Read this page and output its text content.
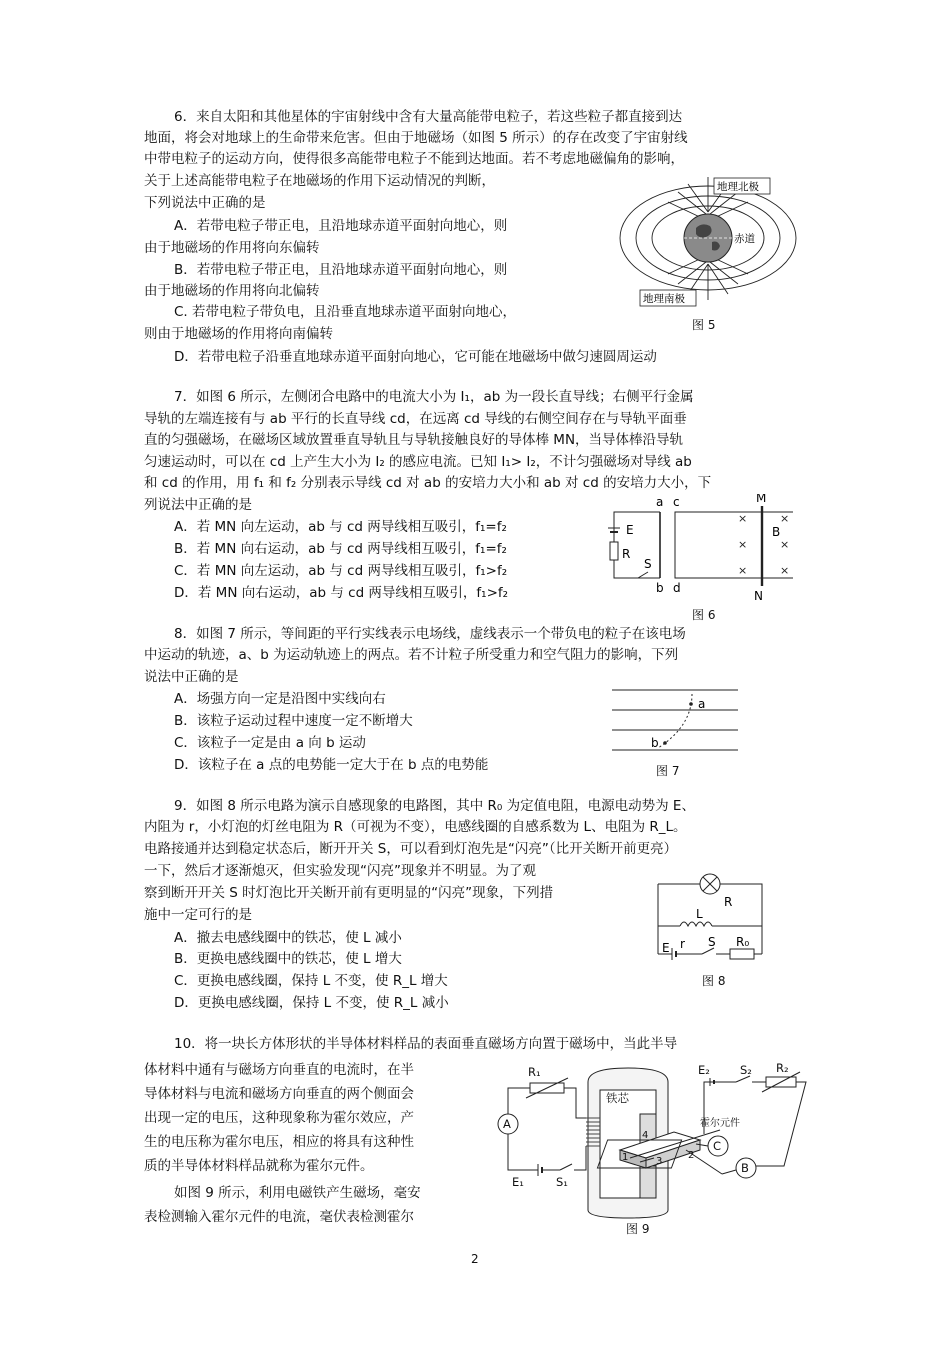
6．来自太阳和其他星体的宇宙射线中含有大量高能带电粒子，若这些粒子都直接到达
地面，将会对地球上的生命带来危害。但由于地磁场（如图 5 所示）的存在改变了宇宙射线
中带电粒子的运动方向，使得很多高能带电粒子不能到达地面。若不考虑地磁偏角的影响，
关于上述高能带电粒子在地磁场的作用下运动情况的判断，
下列说法中正确的是
A．若带电粒子带正电，且沿地球赤道平面射向地心，则
由于地磁场的作用将向东偏转
B．若带电粒子带正电，且沿地球赤道平面射向地心，则
由于地磁场的作用将向北偏转
C. 若带电粒子带负电，且沿垂直地球赤道平面射向地心，
则由于地磁场的作用将向南偏转
D．若带电粒子沿垂直地球赤道平面射向地心，它可能在地磁场中做匀速圆周运动
地理北极
赤道
地理南极
图 5
7．如图 6 所示，左侧闭合电路中的电流大小为 I₁，ab 为一段长直导线；右侧平行金属
导轨的左端连接有与 ab 平行的长直导线 cd，在远离 cd 导线的右侧空间存在与导轨平面垂
直的匀强磁场，在磁场区域放置垂直导轨且与导轨接触良好的导体棒 MN，当导体棒沿导轨
匀速运动时，可以在 cd 上产生大小为 I₂ 的感应电流。已知 I₁> I₂，不计匀强磁场对导线 ab
和 cd 的作用，用 f₁ 和 f₂ 分别表示导线 cd 对 ab 的安培力大小和 ab 对 cd 的安培力大小，下
列说法中正确的是
A．若 MN 向左运动，ab 与 cd 两导线相互吸引，f₁=f₂
B．若 MN 向右运动，ab 与 cd 两导线相互吸引，f₁=f₂
C．若 MN 向左运动，ab 与 cd 两导线相互吸引，f₁>f₂
D．若 MN 向右运动，ab 与 cd 两导线相互吸引，f₁>f₂
×	×
×	×
×	×
a c	M
E
R
B
S
b d
N
图 6
8．如图 7 所示，等间距的平行实线表示电场线，虚线表示一个带负电的粒子在该电场
中运动的轨迹，a、b 为运动轨迹上的两点。若不计粒子所受重力和空气阻力的影响，下列
说法中正确的是
A．场强方向一定是沿图中实线向右
B．该粒子运动过程中速度一定不断增大
C．该粒子一定是由 a 向 b 运动
D．该粒子在 a 点的电势能一定大于在 b 点的电势能
a
b
图 7
9．如图 8 所示电路为演示自感现象的电路图，其中 R₀ 为定值电阻，电源电动势为 E、
内阻为 r，小灯泡的灯丝电阻为 R（可视为不变），电感线圈的自感系数为 L、电阻为 R_L。
电路接通并达到稳定状态后，断开开关 S，可以看到灯泡先是“闪亮”（比开关断开前更亮）
一下，然后才逐渐熄灭，但实验发现“闪亮”现象并不明显。为了观
察到断开开关 S 时灯泡比开关断开前有更明显的“闪亮”现象，下列措
施中一定可行的是
A．撤去电感线圈中的铁芯，使 L 减小
B．更换电感线圈中的铁芯，使 L 增大
C．更换电感线圈，保持 L 不变，使 R_L 增大
D．更换电感线圈，保持 L 不变，使 R_L 减小
R
L
E r S R₀
图 8
10．将一块长方体形状的半导体材料样品的表面垂直磁场方向置于磁场中，当此半导
体材料中通有与磁场方向垂直的电流时，在半
导体材料与电流和磁场方向垂直的两个侧面会
出现一定的电压，这种现象称为霍尔效应，产
生的电压称为霍尔电压，相应的将具有这种性
质的半导体材料样品就称为霍尔元件。
如图 9 所示，利用电磁铁产生磁场，毫安
表检测输入霍尔元件的电流，毫伏表检测霍尔
R₁
铁芯
E₂	S₂ R₂
A	霍尔元件
4
1	2
3
C
B
E₁	S₁
图 9
2
